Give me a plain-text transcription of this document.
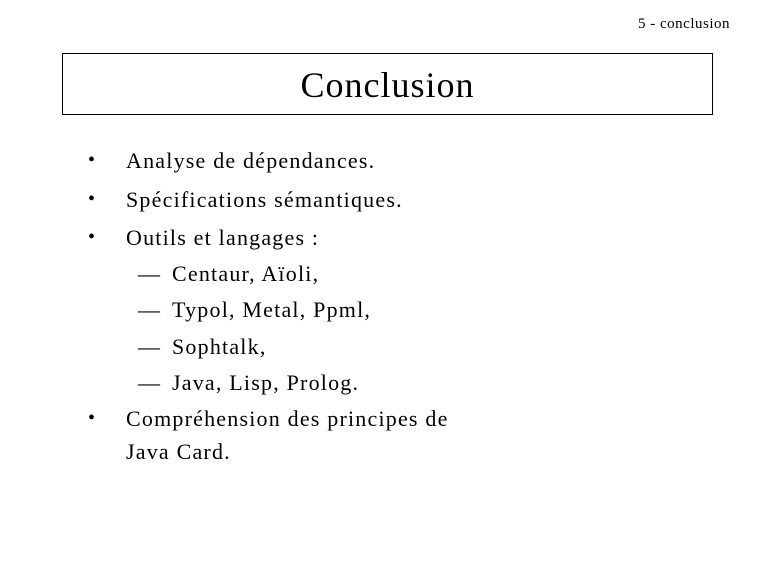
5 - conclusion
Conclusion
• Analyse de dépendances.
• Spécifications sémantiques.
• Outils et langages :
— Centaur, Aïoli,
— Typol, Metal, Ppml,
— Sophtalk,
— Java, Lisp, Prolog.
• Compréhension des principes de
Java Card.
